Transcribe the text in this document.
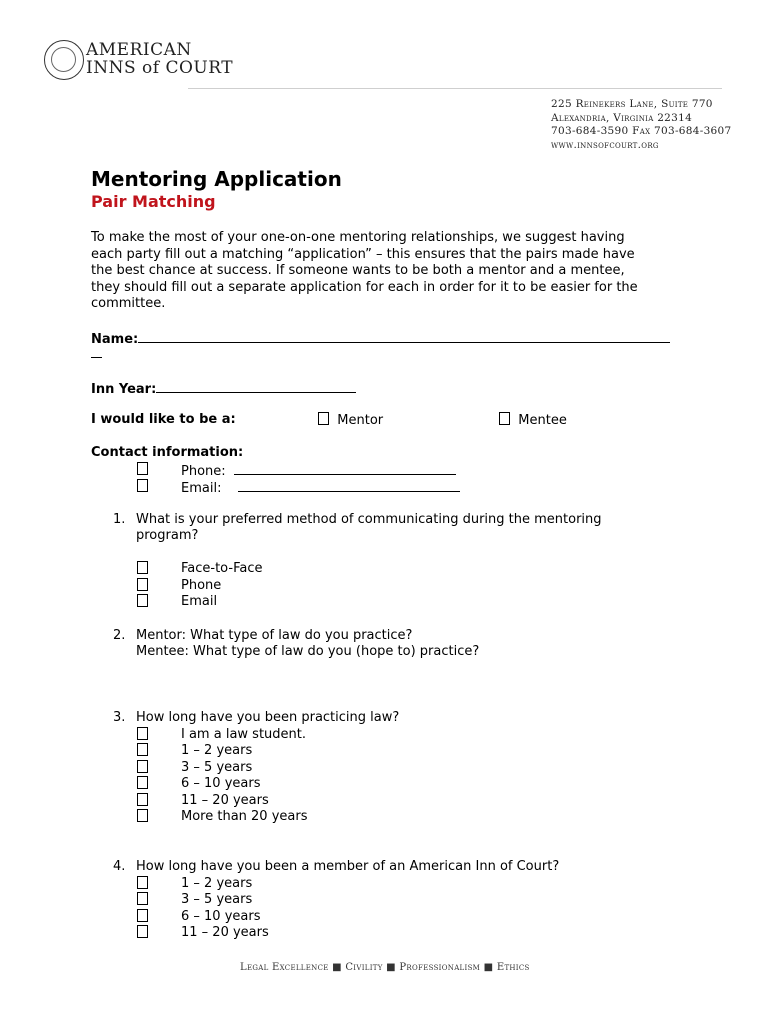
AMERICAN
INNS of COURT
225 Reinekers Lane, Suite 770
Alexandria, Virginia 22314
703-684-3590 Fax 703-684-3607
www.innsofcourt.org
Mentoring Application
Pair Matching
To make the most of your one-on-one mentoring relationships, we suggest having
each party fill out a matching “application” – this ensures that the pairs made have
the best chance at success. If someone wants to be both a mentor and a mentee,
they should fill out a separate application for each in order for it to be easier for the
committee.
Name:
Inn Year:
I would like to be a:	Mentor	Mentee
Contact information:
Phone:
Email:
1. What is your preferred method of communicating during the mentoring
program?
Face-to-Face
Phone
Email
2. Mentor: What type of law do you practice?
Mentee: What type of law do you (hope to) practice?
3. How long have you been practicing law?
I am a law student.
1 – 2 years
3 – 5 years
6 – 10 years
11 – 20 years
More than 20 years
4. How long have you been a member of an American Inn of Court?
1 – 2 years
3 – 5 years
6 – 10 years
11 – 20 years
Legal Excellence ■ Civility ■ Professionalism ■ Ethics
